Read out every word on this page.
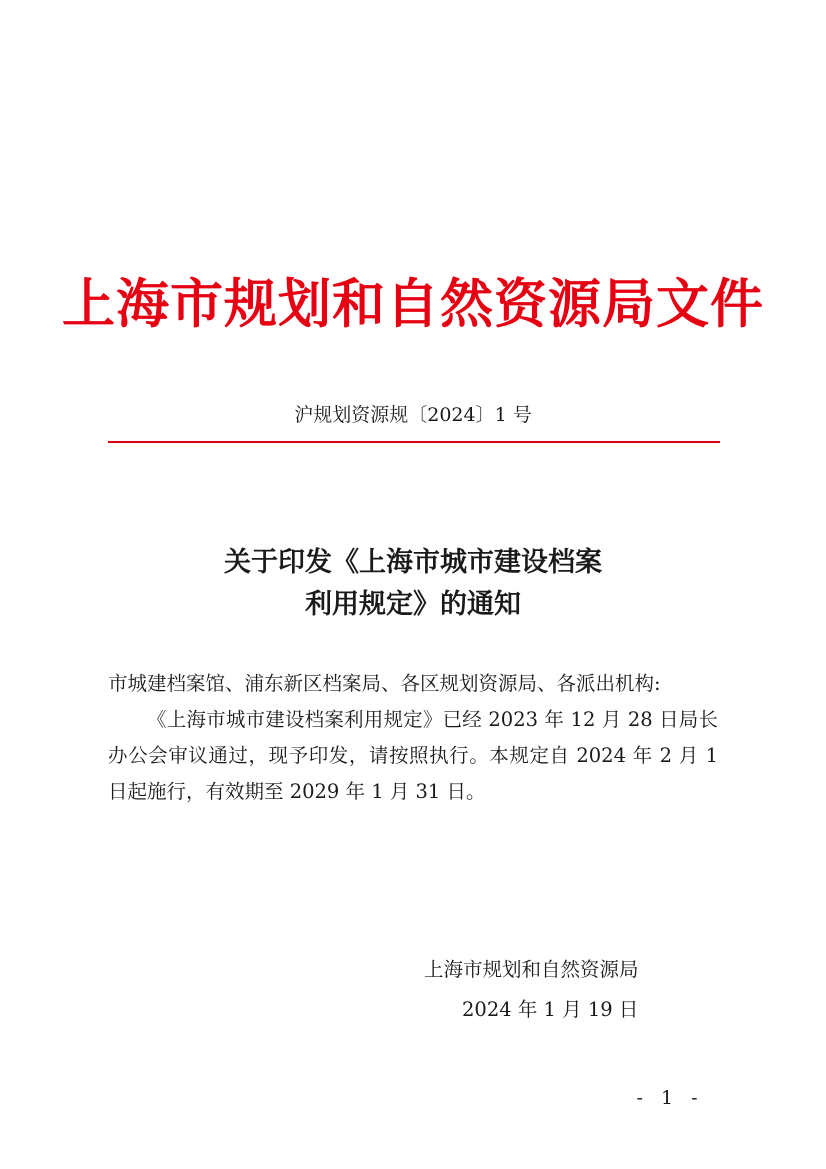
上海市规划和自然资源局文件
沪规划资源规〔2024〕1 号
关于印发《上海市城市建设档案
利用规定》的通知

市城建档案馆、浦东新区档案局、各区规划资源局、各派出机构:

《上海市城市建设档案利用规定》已经 2023 年 12 月 28 日局长办公会审议通过，现予印发，请按照执行。本规定自 2024 年 2 月 1 日起施行，有效期至 2029 年 1 月 31 日。

上海市规划和自然资源局
2024 年 1 月 19 日
- 1 -
